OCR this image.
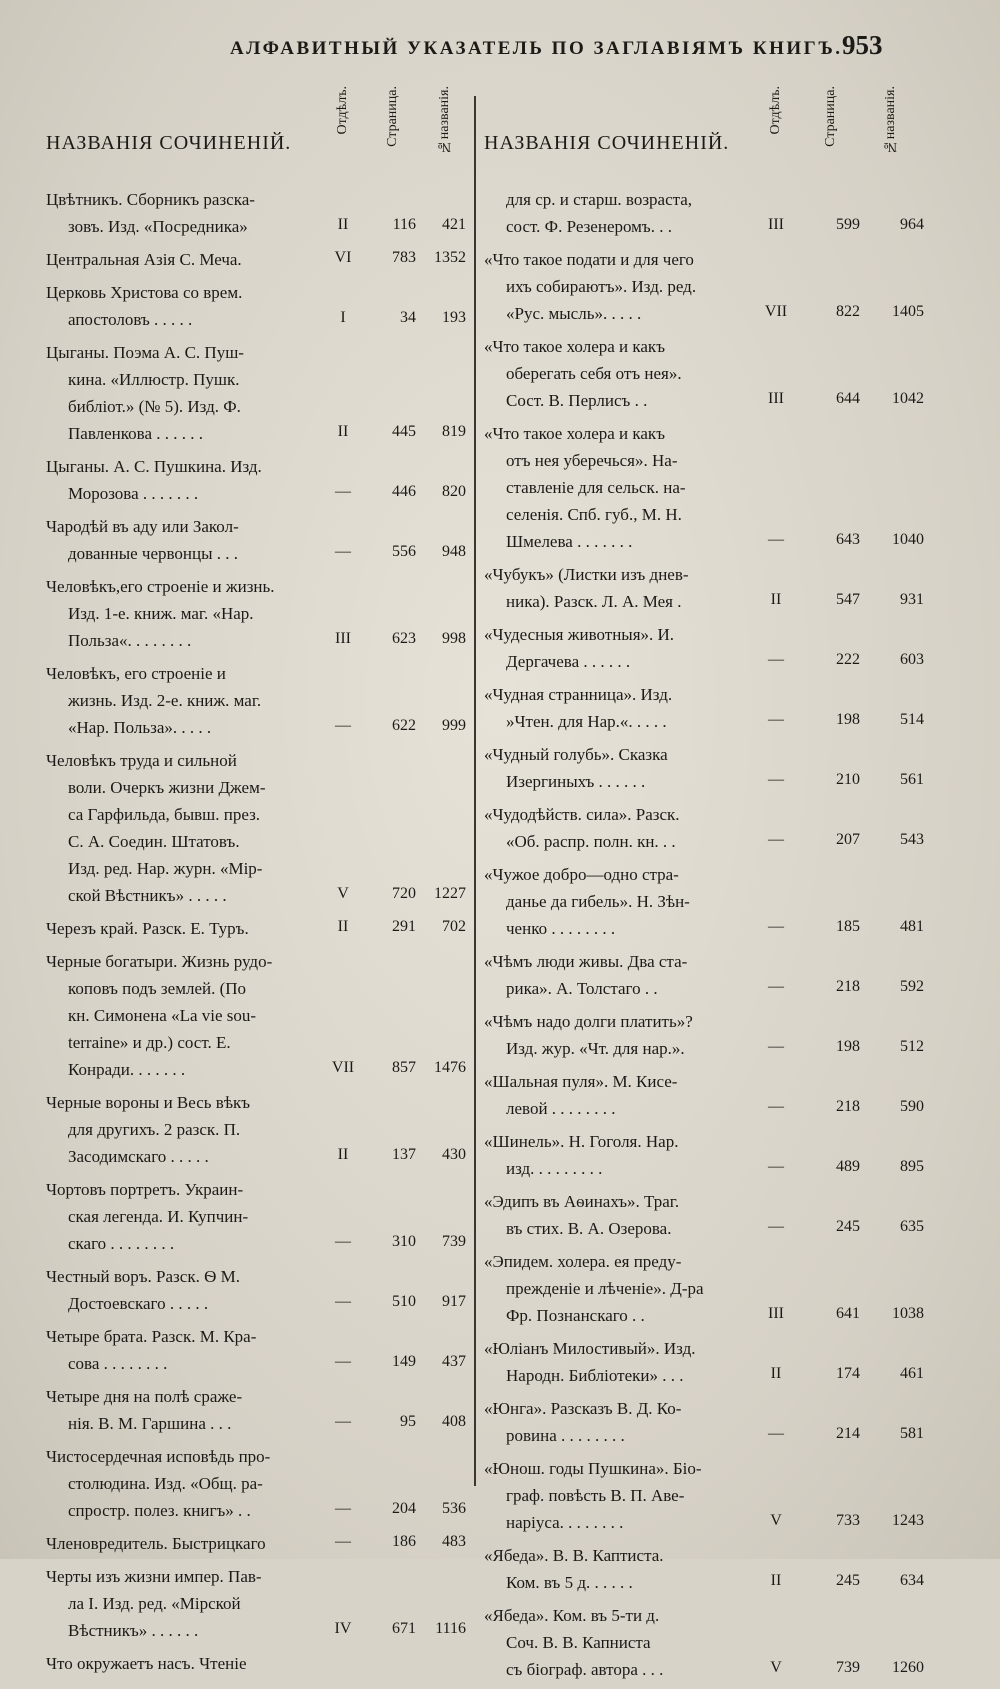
АЛФАВИТНЫЙ УКАЗАТЕЛЬ ПО ЗАГЛАВІЯМЪ КНИГЪ. 953
НАЗВАНІЯ СОЧИНЕНІЙ.
Отдѣлъ.	Страница.	№названія.
Цвѣтникъ. Сборникъ разска-
зовъ. Изд. «Посредника»	II	116	421
Центральная Азія С. Меча.	VI	783	1352
Церковь Христова со врем.
апостоловъ . . . . .	I	34	193
Цыганы. Поэма А. С. Пуш-
кина. «Иллюстр. Пушк.
библіот.» (№ 5). Изд. Ф.
Павленкова . . . . . .	II	445	819
Цыганы. А. С. Пушкина. Изд.
Морозова . . . . . . .	—	446	820
Чародѣй въ аду или Закол-
дованные червонцы . . .	—	556	948
Человѣкъ,его строеніе и жизнь.
Изд. 1-е. книж. маг. «Нар.
Польза«. . . . . . . .	III	623	998
Человѣкъ, его строеніе и
жизнь. Изд. 2-е. книж. маг.
«Нар. Польза». . . . .	—	622	999
Человѣкъ труда и сильной
воли. Очеркъ жизни Джем-
са Гарфильда, бывш. през.
С. А. Соедин. Штатовъ.
Изд. ред. Нар. журн. «Мір-
ской Вѣстникъ» . . . . .	V	720	1227
Черезъ край. Разск. Е. Туръ.	II	291	702
Черные богатыри. Жизнь рудо-
коповъ подъ землей. (По
кн. Симонена «La vie sou-
terraine» и др.) сост. Е.
Конради. . . . . . .	VII	857	1476
Черные вороны и Весь вѣкъ
для другихъ. 2 разск. П.
Засодимскаго . . . . .	II	137	430
Чортовъ портретъ. Украин-
ская легенда. И. Купчин-
скаго . . . . . . . .	—	310	739
Честный воръ. Разск. Ѳ М.
Достоевскаго . . . . .	—	510	917
Четыре брата. Разск. М. Кра-
сова . . . . . . . .	—	149	437
Четыре дня на полѣ сраже-
нія. В. М. Гаршина . . .	—	95	408
Чистосердечная исповѣдь про-
столюдина. Изд. «Общ. ра-
спростр. полез. книгъ» . .	—	204	536
Членовредитель. Быстрицкаго	—	186	483
Черты изъ жизни импер. Пав-
ла I. Изд. ред. «Мірской
Вѣстникъ» . . . . . .	IV	671	1116
Что окружаетъ насъ. Чтеніе
НАЗВАНІЯ СОЧИНЕНІЙ.
Отдѣлъ.	Страница.	№названія.
для ср. и старш. возраста,
сост. Ф. Резенеромъ. . .	III	599	964
«Что такое подати и для чего
ихъ собираютъ». Изд. ред.
«Рус. мысль». . . . .	VII	822	1405
«Что такое холера и какъ
оберегать себя отъ нея».
Сост. В. Перлисъ . .	III	644	1042
«Что такое холера и какъ
отъ нея уберечься». На-
ставленіе для сельск. на-
селенія. Спб. губ., М. Н.
Шмелева . . . . . . .	—	643	1040
«Чубукъ» (Листки изъ днев-
ника). Разск. Л. А. Мея .	II	547	931
«Чудесныя животныя». И.
Дергачева . . . . . .	—	222	603
«Чудная странница». Изд.
»Чтен. для Нар.«. . . . .	—	198	514
«Чудный голубь». Сказка
Изергиныхъ . . . . . .	—	210	561
«Чудодѣйств. сила». Разск.
«Об. распр. полн. кн. . .	—	207	543
«Чужое добро—одно стра-
данье да гибель». Н. Зѣн-
ченко . . . . . . . .	—	185	481
«Чѣмъ люди живы. Два ста-
рика». А. Толстаго . .	—	218	592
«Чѣмъ надо долги платить»?
Изд. жур. «Чт. для нар.».	—	198	512
«Шальная пуля». М. Кисе-
левой . . . . . . . .	—	218	590
«Шинель». Н. Гоголя. Нар.
изд. . . . . . . . .	—	489	895
«Эдипъ въ Аѳинахъ». Траг.
въ стих. В. А. Озерова.	—	245	635
«Эпидем. холера. ея преду-
прежденіе и лѣченіе». Д-ра
Фр. Познанскаго . .	III	641	1038
«Юліанъ Милостивый». Изд.
Народн. Библіотеки» . . .	II	174	461
«Юнга». Разсказъ В. Д. Ко-
ровина . . . . . . . .	—	214	581
«Юнош. годы Пушкина». Біо-
граф. повѣсть В. П. Аве-
наріуса. . . . . . . .	V	733	1243
«Ябеда». В. В. Каптиста.
Ком. въ 5 д. . . . . .	II	245	634
«Ябеда». Ком. въ 5-ти д.
Соч. В. В. Капниста
съ біограф. автора . . .	V	739	1260
